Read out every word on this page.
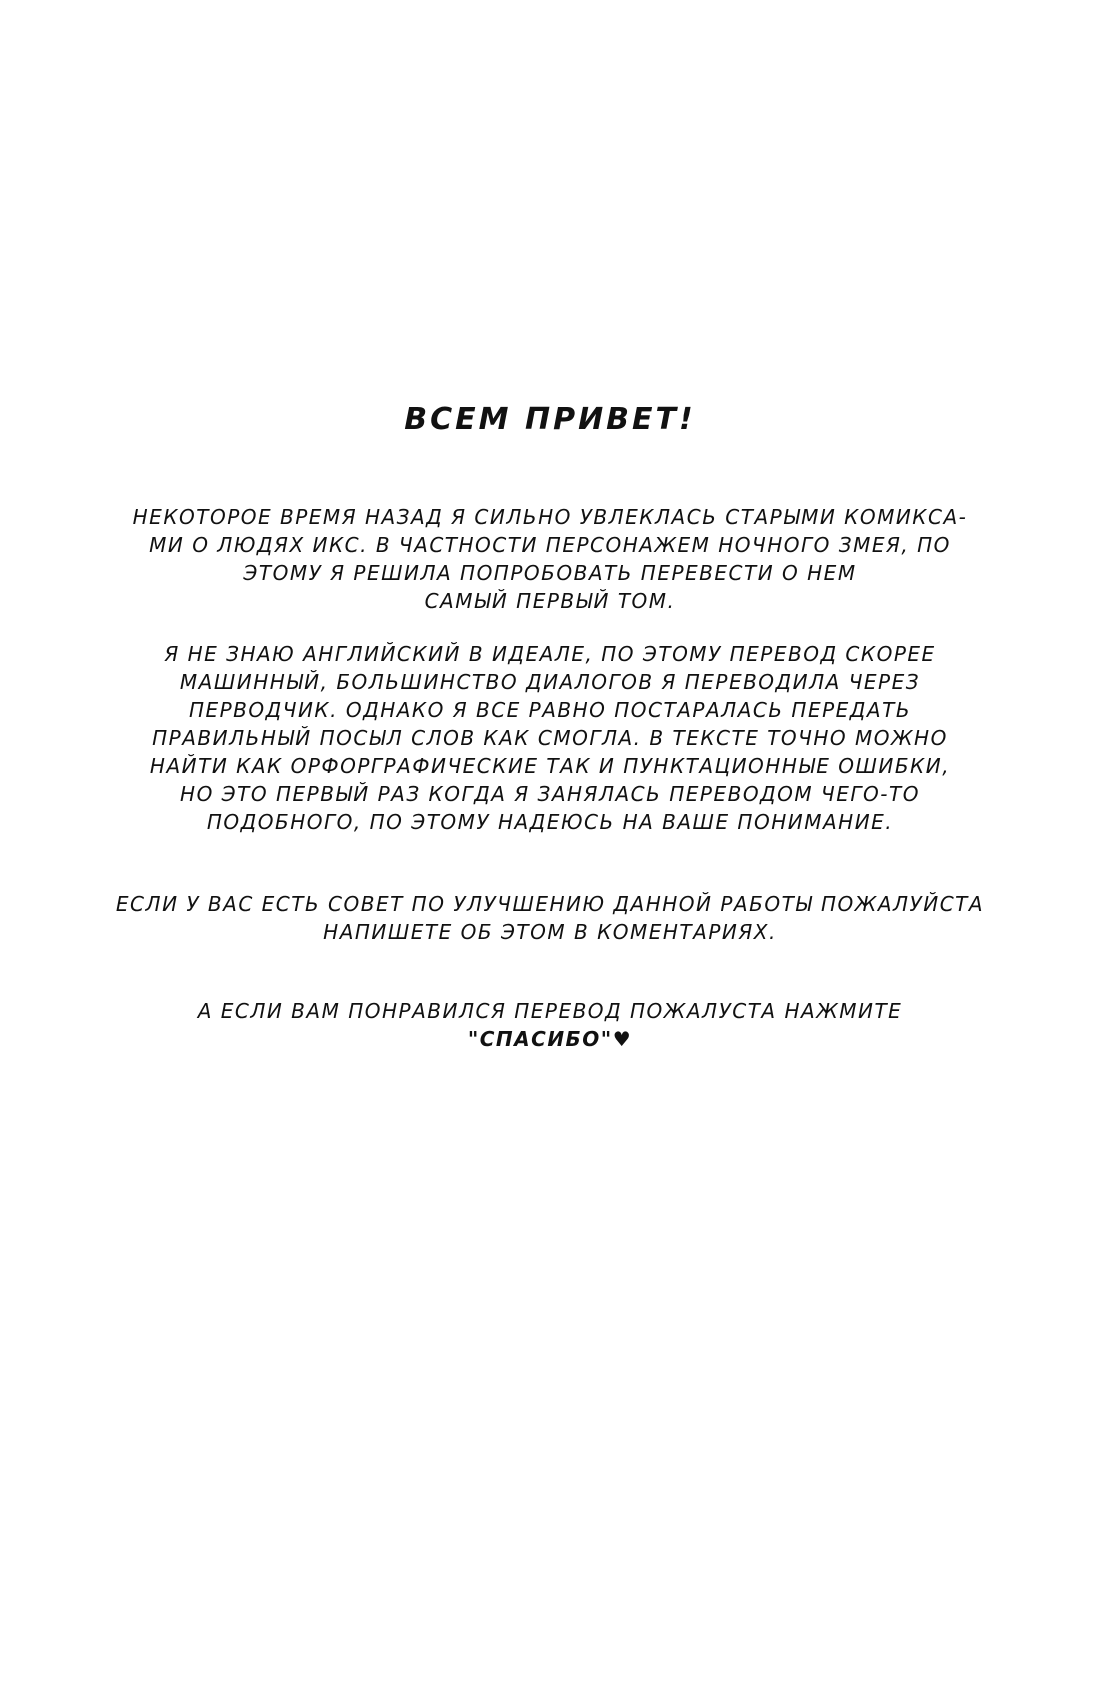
ВСЕМ ПРИВЕТ!
НЕКОТОРОЕ ВРЕМЯ НАЗАД Я СИЛЬНО УВЛЕКЛАСЬ СТАРЫМИ КОМИКСА-
МИ О ЛЮДЯХ ИКС. В ЧАСТНОСТИ ПЕРСОНАЖЕМ НОЧНОГО ЗМЕЯ, ПО
ЭТОМУ Я РЕШИЛА ПОПРОБОВАТЬ ПЕРЕВЕСТИ О НЕМ
САМЫЙ ПЕРВЫЙ ТОМ.
Я НЕ ЗНАЮ АНГЛИЙСКИЙ В ИДЕАЛЕ, ПО ЭТОМУ ПЕРЕВОД СКОРЕЕ
МАШИННЫЙ, БОЛЬШИНСТВО ДИАЛОГОВ Я ПЕРЕВОДИЛА ЧЕРЕЗ
ПЕРВОДЧИК. ОДНАКО Я ВСЕ РАВНО ПОСТАРАЛАСЬ ПЕРЕДАТЬ
ПРАВИЛЬНЫЙ ПОСЫЛ СЛОВ КАК СМОГЛА. В ТЕКСТЕ ТОЧНО МОЖНО
НАЙТИ КАК ОРФОРГРАФИЧЕСКИЕ ТАК И ПУНКТАЦИОННЫЕ ОШИБКИ,
НО ЭТО ПЕРВЫЙ РАЗ КОГДА Я ЗАНЯЛАСЬ ПЕРЕВОДОМ ЧЕГО-ТО
ПОДОБНОГО, ПО ЭТОМУ НАДЕЮСЬ НА ВАШЕ ПОНИМАНИЕ.
ЕСЛИ У ВАС ЕСТЬ СОВЕТ ПО УЛУЧШЕНИЮ ДАННОЙ РАБОТЫ ПОЖАЛУЙСТА
НАПИШЕТЕ ОБ ЭТОМ В КОМЕНТАРИЯХ.
А ЕСЛИ ВАМ ПОНРАВИЛСЯ ПЕРЕВОД ПОЖАЛУСТА НАЖМИТЕ
"СПАСИБО"♥
